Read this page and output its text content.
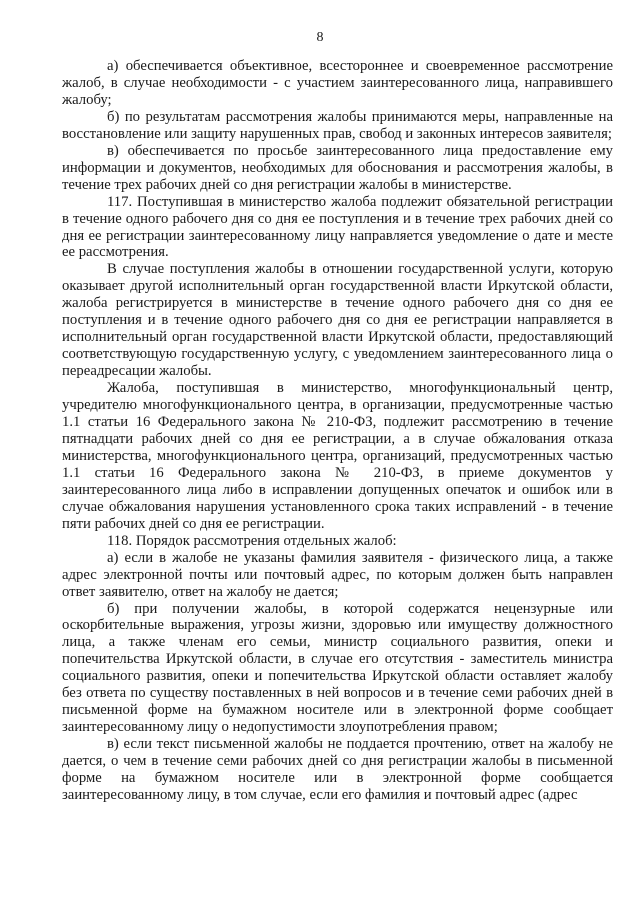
8

а) обеспечивается объективное, всестороннее и своевременное рассмотрение жалоб, в случае необходимости - с участием заинтересованного лица, направившего жалобу;

б) по результатам рассмотрения жалобы принимаются меры, направленные на восстановление или защиту нарушенных прав, свобод и законных интересов заявителя;

в) обеспечивается по просьбе заинтересованного лица предоставление ему информации и документов, необходимых для обоснования и рассмотрения жалобы, в течение трех рабочих дней со дня регистрации жалобы в министерстве.

117. Поступившая в министерство жалоба подлежит обязательной регистрации в течение одного рабочего дня со дня ее поступления и в течение трех рабочих дней со дня ее регистрации заинтересованному лицу направляется уведомление о дате и месте ее рассмотрения.

В случае поступления жалобы в отношении государственной услуги, которую оказывает другой исполнительный орган государственной власти Иркутской области, жалоба регистрируется в министерстве в течение одного рабочего дня со дня ее поступления и в течение одного рабочего дня со дня ее регистрации направляется в исполнительный орган государственной власти Иркутской области, предоставляющий соответствующую государственную услугу, с уведомлением заинтересованного лица о переадресации жалобы.

Жалоба, поступившая в министерство, многофункциональный центр, учредителю многофункционального центра, в организации, предусмотренные частью 1.1 статьи 16 Федерального закона № 210-ФЗ, подлежит рассмотрению в течение пятнадцати рабочих дней со дня ее регистрации, а в случае обжалования отказа министерства, многофункционального центра, организаций, предусмотренных частью 1.1 статьи 16 Федерального закона № 210-ФЗ, в приеме документов у заинтересованного лица либо в исправлении допущенных опечаток и ошибок или в случае обжалования нарушения установленного срока таких исправлений - в течение пяти рабочих дней со дня ее регистрации.

118. Порядок рассмотрения отдельных жалоб:

а) если в жалобе не указаны фамилия заявителя - физического лица, а также адрес электронной почты или почтовый адрес, по которым должен быть направлен ответ заявителю, ответ на жалобу не дается;

б) при получении жалобы, в которой содержатся нецензурные или оскорбительные выражения, угрозы жизни, здоровью или имуществу должностного лица, а также членам его семьи, министр социального развития, опеки и попечительства Иркутской области, в случае его отсутствия - заместитель министра социального развития, опеки и попечительства Иркутской области оставляет жалобу без ответа по существу поставленных в ней вопросов и в течение семи рабочих дней в письменной форме на бумажном носителе или в электронной форме сообщает заинтересованному лицу о недопустимости злоупотребления правом;

в) если текст письменной жалобы не поддается прочтению, ответ на жалобу не дается, о чем в течение семи рабочих дней со дня регистрации жалобы в письменной форме на бумажном носителе или в электронной форме сообщается заинтересованному лицу, в том случае, если его фамилия и почтовый адрес (адрес
